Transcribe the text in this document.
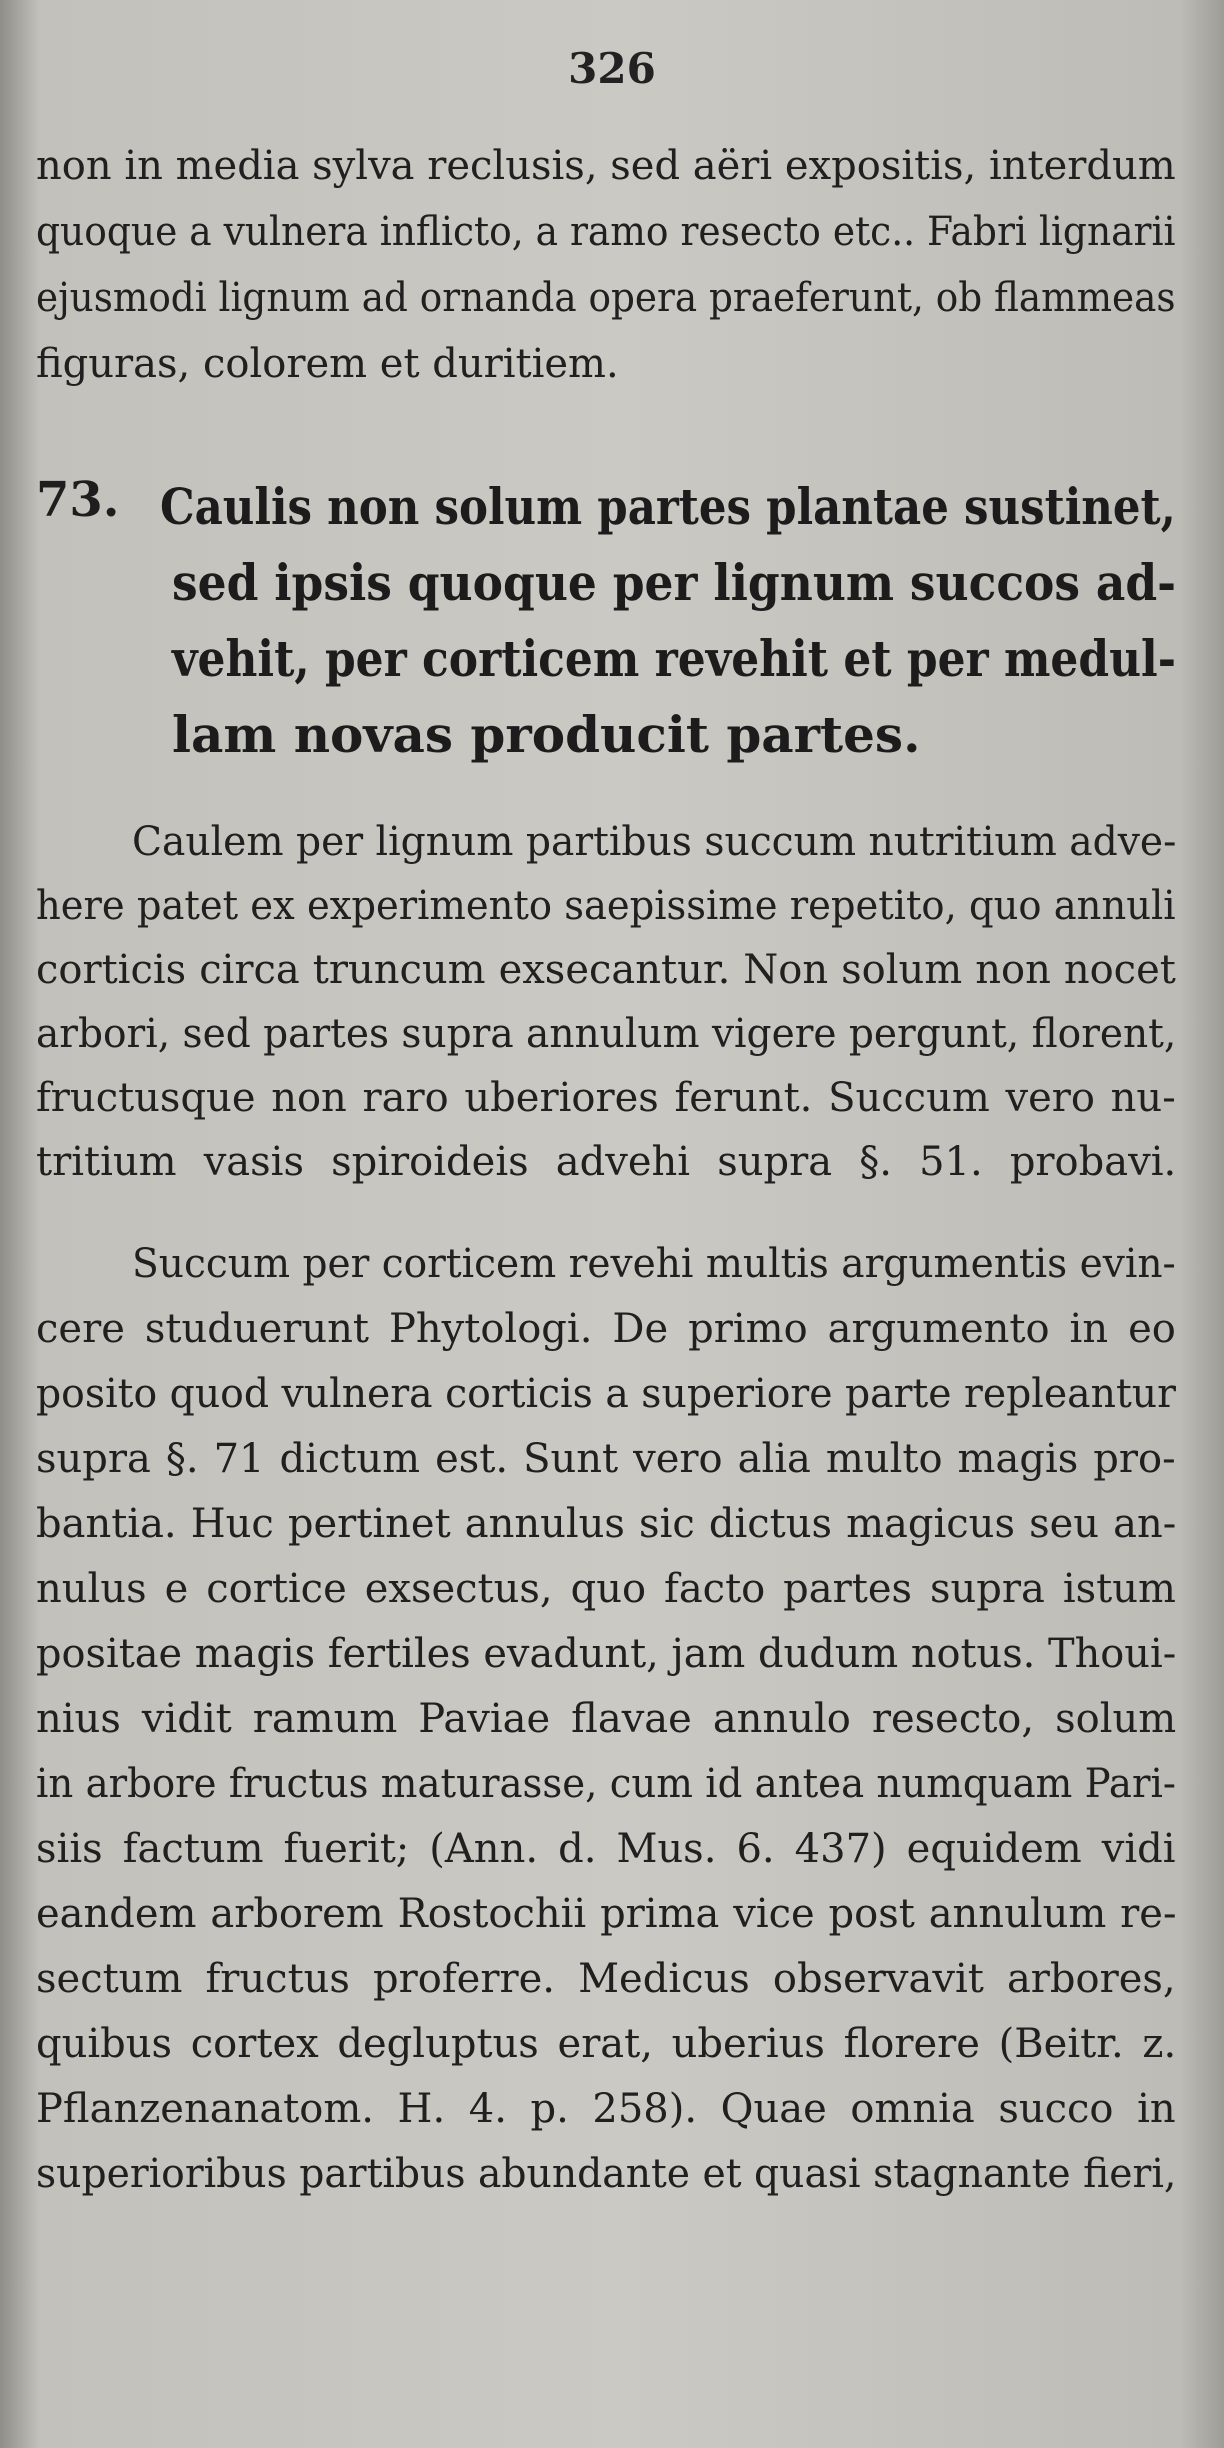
326
non in media sylva reclusis, sed aëri expositis, interdum
quoque a vulnera inflicto, a ramo resecto etc.. Fabri lignarii
ejusmodi lignum ad ornanda opera praeferunt, ob flammeas
figuras, colorem et duritiem.
73. Caulis non solum partes plantae sustinet,
sed ipsis quoque per lignum succos ad-
vehit, per corticem revehit et per medul-
lam novas producit partes.
Caulem per lignum partibus succum nutritium adve-
here patet ex experimento saepissime repetito, quo annuli
corticis circa truncum exsecantur. Non solum non nocet
arbori, sed partes supra annulum vigere pergunt, florent,
fructusque non raro uberiores ferunt. Succum vero nu-
tritium vasis spiroideis advehi supra §. 51. probavi.
Succum per corticem revehi multis argumentis evin-
cere studuerunt Phytologi. De primo argumento in eo
posito quod vulnera corticis a superiore parte repleantur
supra §. 71 dictum est. Sunt vero alia multo magis pro-
bantia. Huc pertinet annulus sic dictus magicus seu an-
nulus e cortice exsectus, quo facto partes supra istum
positae magis fertiles evadunt, jam dudum notus. Thoui-
nius vidit ramum Paviae flavae annulo resecto, solum
in arbore fructus maturasse, cum id antea numquam Pari-
siis factum fuerit; (Ann. d. Mus. 6. 437) equidem vidi
eandem arborem Rostochii prima vice post annulum re-
sectum fructus proferre. Medicus observavit arbores,
quibus cortex degluptus erat, uberius florere (Beitr. z.
Pflanzenanatom. H. 4. p. 258). Quae omnia succo in
superioribus partibus abundante et quasi stagnante fieri,
